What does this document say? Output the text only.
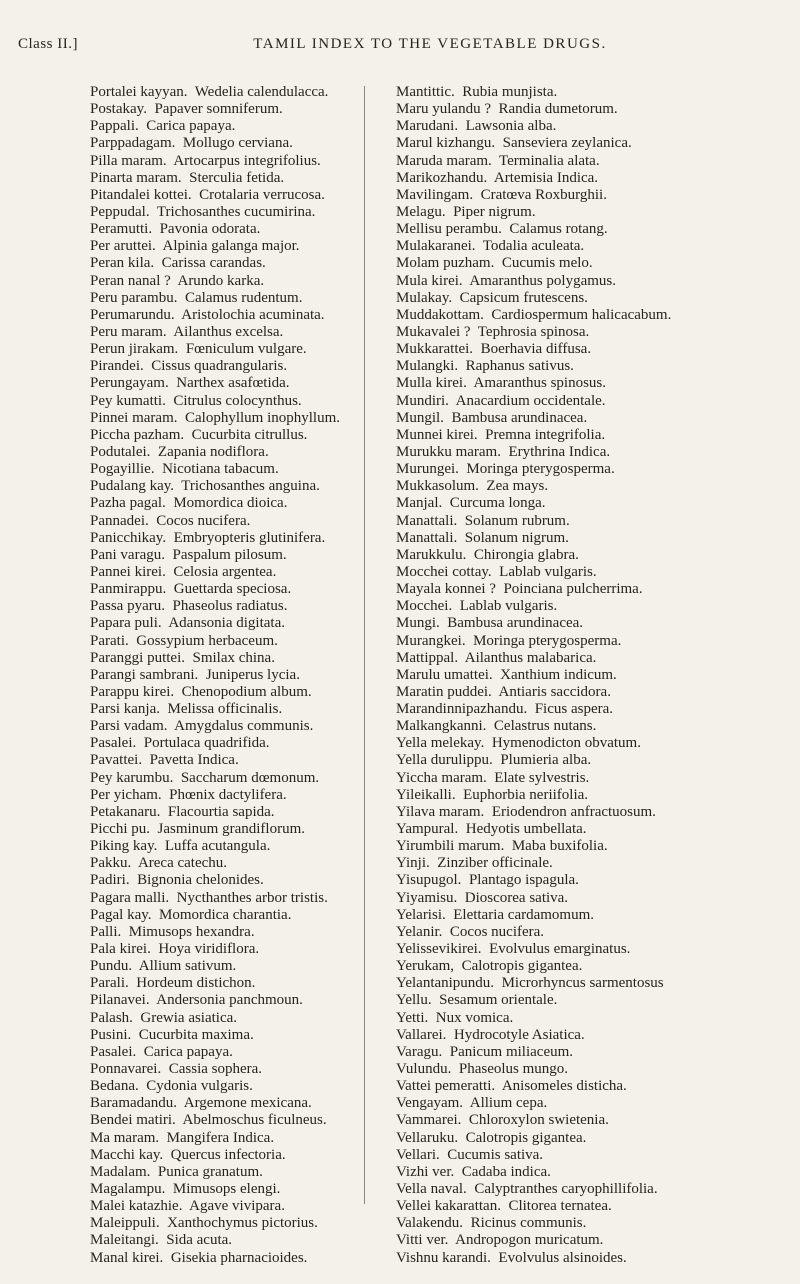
Class II.]	TAMIL INDEX TO THE VEGETABLE DRUGS.
Portalei kayyan. Wedelia calendulacca.
Postakay. Papaver somniferum.
Pappali. Carica papaya.
Parppadagam. Mollugo cerviana.
Pilla maram. Artocarpus integrifolius.
Pinarta maram. Sterculia fetida.
Pitandalei kottei. Crotalaria verrucosa.
Peppudal. Trichosanthes cucumirina.
Peramutti. Pavonia odorata.
Per aruttei. Alpinia galanga major.
Peran kila. Carissa carandas.
Peran nanal ? Arundo karka.
Peru parambu. Calamus rudentum.
Perumarundu. Aristolochia acuminata.
Peru maram. Ailanthus excelsa.
Perun jirakam. Fœniculum vulgare.
Pirandei. Cissus quadrangularis.
Perungayam. Narthex asafœtida.
Pey kumatti. Citrulus colocynthus.
Pinnei maram. Calophyllum inophyllum.
Piccha pazham. Cucurbita citrullus.
Podutalei. Zapania nodiflora.
Pogayillie. Nicotiana tabacum.
Pudalang kay. Trichosanthes anguina.
Pazha pagal. Momordica dioica.
Pannadei. Cocos nucifera.
Panicchikay. Embryopteris glutinifera.
Pani varagu. Paspalum pilosum.
Pannei kirei. Celosia argentea.
Panmirappu. Guettarda speciosa.
Passa pyaru. Phaseolus radiatus.
Papara puli. Adansonia digitata.
Parati. Gossypium herbaceum.
Paranggi puttei. Smilax china.
Parangi sambrani. Juniperus lycia.
Parappu kirei. Chenopodium album.
Parsi kanja. Melissa officinalis.
Parsi vadam. Amygdalus communis.
Pasalei. Portulaca quadrifida.
Pavattei. Pavetta Indica.
Pey karumbu. Saccharum dœmonum.
Per yicham. Phœnix dactylifera.
Petakanaru. Flacourtia sapida.
Picchi pu. Jasminum grandiflorum.
Piking kay. Luffa acutangula.
Pakku. Areca catechu.
Padiri. Bignonia chelonides.
Pagara malli. Nycthanthes arbor tristis.
Pagal kay. Momordica charantia.
Palli. Mimusops hexandra.
Pala kirei. Hoya viridiflora.
Pundu. Allium sativum.
Parali. Hordeum distichon.
Pilanavei. Andersonia panchmoun.
Palash. Grewia asiatica.
Pusini. Cucurbita maxima.
Pasalei. Carica papaya.
Ponnavarei. Cassia sophera.
Bedana. Cydonia vulgaris.
Baramadandu. Argemone mexicana.
Bendei matiri. Abelmoschus ficulneus.
Ma maram. Mangifera Indica.
Macchi kay. Quercus infectoria.
Madalam. Punica granatum.
Magalampu. Mimusops elengi.
Malei katazhie. Agave vivipara.
Maleippuli. Xanthochymus pictorius.
Maleitangi. Sida acuta.
Manal kirei. Gisekia pharnacioides.
Mantittic. Rubia munjista.
Maru yulandu ? Randia dumetorum.
Marudani. Lawsonia alba.
Marul kizhangu. Sanseviera zeylanica.
Maruda maram. Terminalia alata.
Marikozhandu. Artemisia Indica.
Mavilingam. Cratœva Roxburghii.
Melagu. Piper nigrum.
Mellisu perambu. Calamus rotang.
Mulakaranei. Todalia aculeata.
Molam puzham. Cucumis melo.
Mula kirei. Amaranthus polygamus.
Mulakay. Capsicum frutescens.
Muddakottam. Cardiospermum halicacabum.
Mukavalei ? Tephrosia spinosa.
Mukkarattei. Boerhavia diffusa.
Mulangki. Raphanus sativus.
Mulla kirei. Amaranthus spinosus.
Mundiri. Anacardium occidentale.
Mungil. Bambusa arundinacea.
Munnei kirei. Premna integrifolia.
Murukku maram. Erythrina Indica.
Murungei. Moringa pterygosperma.
Mukkasolum. Zea mays.
Manjal. Curcuma longa.
Manattali. Solanum rubrum.
Manattali. Solanum nigrum.
Marukkulu. Chirongia glabra.
Mocchei cottay. Lablab vulgaris.
Mayala konnei ? Poinciana pulcherrima.
Mocchei. Lablab vulgaris.
Mungi. Bambusa arundinacea.
Murangkei. Moringa pterygosperma.
Mattippal. Ailanthus malabarica.
Marulu umattei. Xanthium indicum.
Maratin puddei. Antiaris saccidora.
Marandinnipazhandu. Ficus aspera.
Malkangkanni. Celastrus nutans.
Yella melekay. Hymenodicton obvatum.
Yella durulippu. Plumieria alba.
Yiccha maram. Elate sylvestris.
Yileikalli. Euphorbia neriifolia.
Yilava maram. Eriodendron anfractuosum.
Yampural. Hedyotis umbellata.
Yirumbili marum. Maba buxifolia.
Yinji. Zinziber officinale.
Yisupugol. Plantago ispagula.
Yiyamisu. Dioscorea sativa.
Yelarisi. Elettaria cardamomum.
Yelanir. Cocos nucifera.
Yelissevikirei. Evolvulus emarginatus.
Yerukam, Calotropis gigantea.
Yelantanipundu. Microrhyncus sarmentosus
Yellu. Sesamum orientale.
Yetti. Nux vomica.
Vallarei. Hydrocotyle Asiatica.
Varagu. Panicum miliaceum.
Vulundu. Phaseolus mungo.
Vattei pemeratti. Anisomeles disticha.
Vengayam. Allium cepa.
Vammarei. Chloroxylon swietenia.
Vellaruku. Calotropis gigantea.
Vellari. Cucumis sativa.
Vizhi ver. Cadaba indica.
Vella naval. Calyptranthes caryophillifolia.
Vellei kakarattan. Clitorea ternatea.
Valakendu. Ricinus communis.
Vitti ver. Andropogon muricatum.
Vishnu karandi. Evolvulus alsinoides.
